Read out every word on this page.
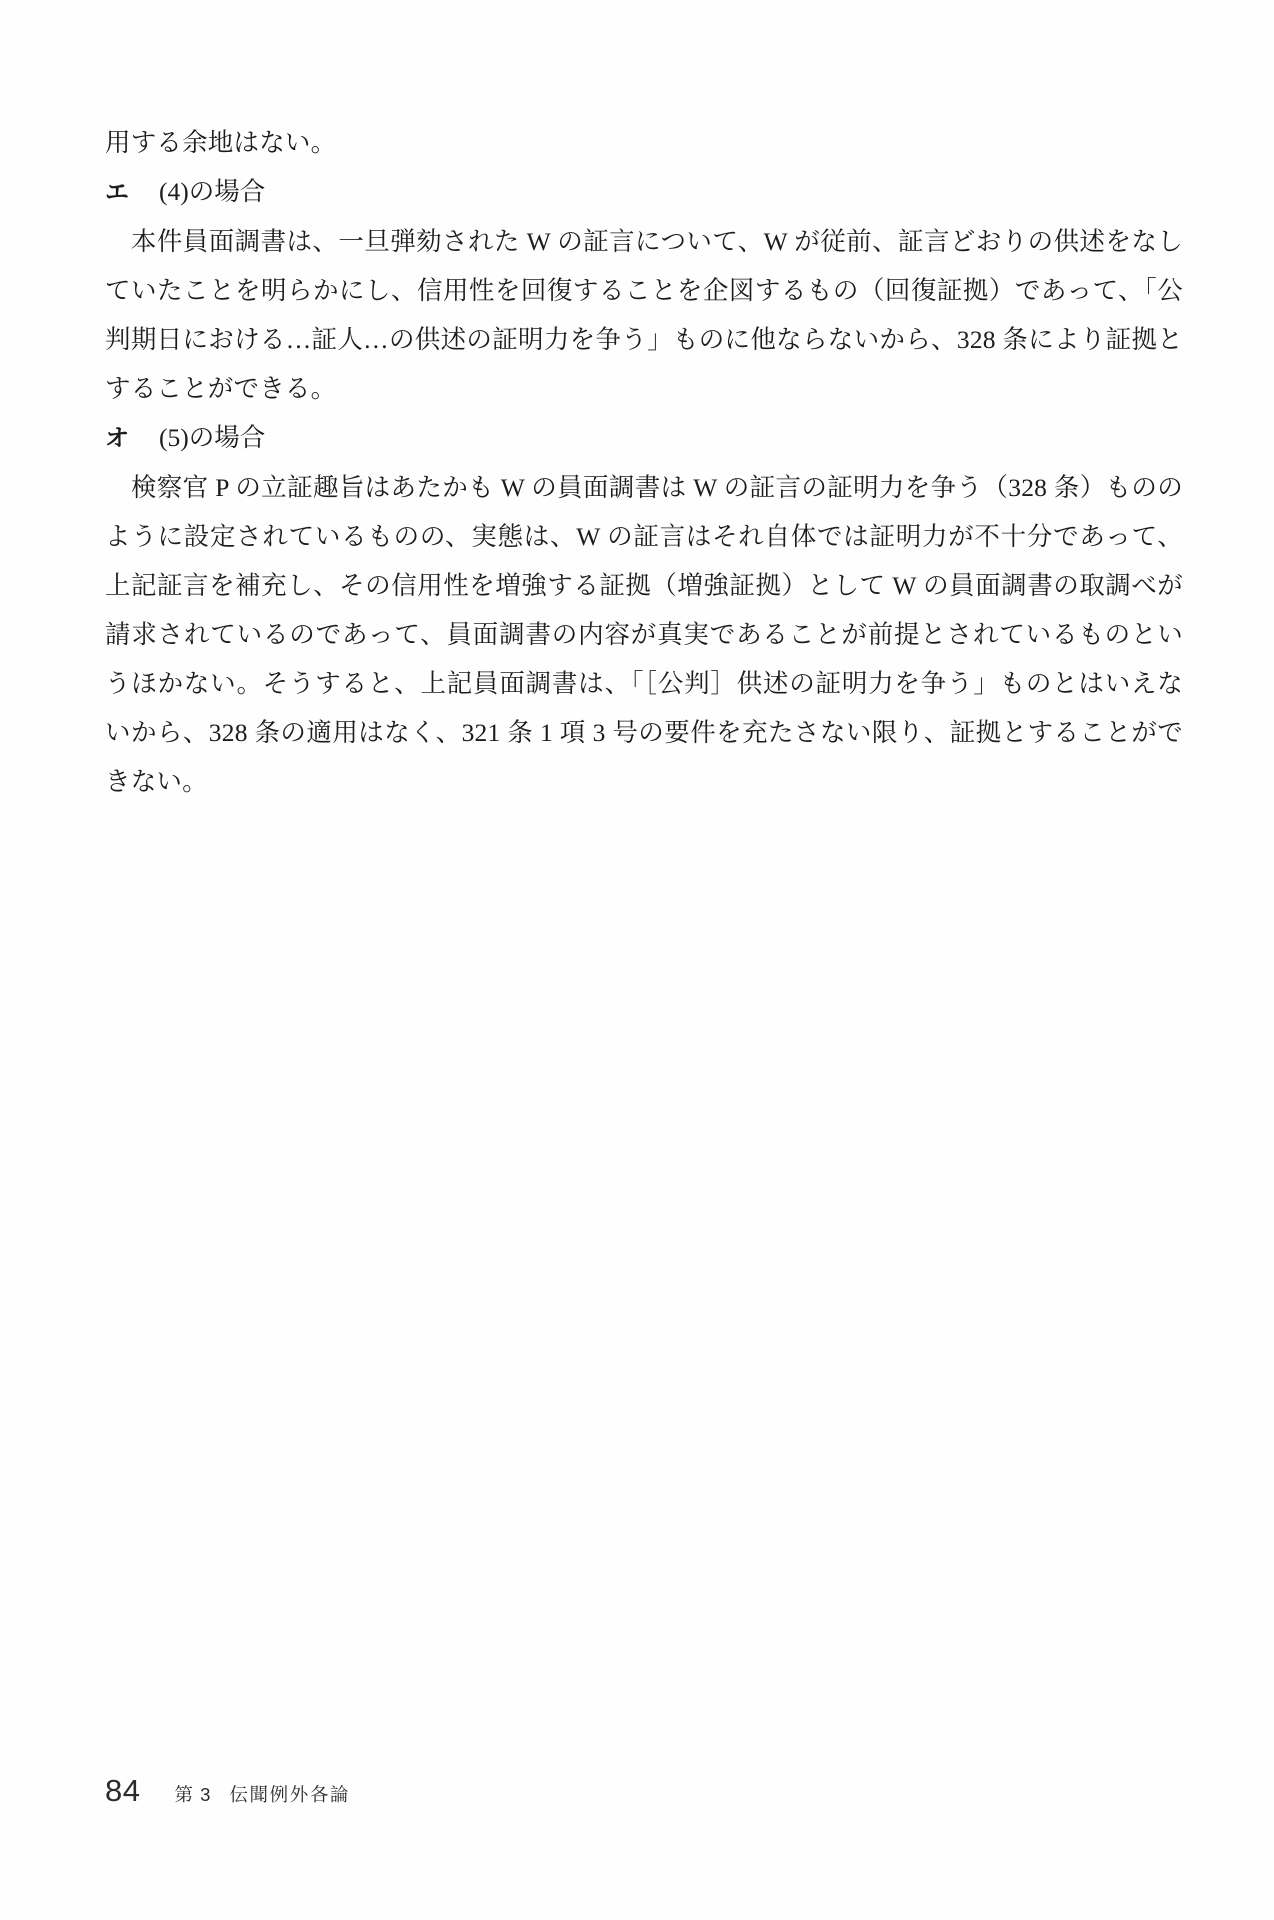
用する余地はない。

エ	(4)の場合

　本件員面調書は、一旦弾劾された W の証言について、W が従前、証言どおりの供述をなしていたことを明らかにし、信用性を回復することを企図するもの（回復証拠）であって、「公判期日における…証人…の供述の証明力を争う」ものに他ならないから、328 条により証拠とすることができる。

オ	(5)の場合

　検察官 P の立証趣旨はあたかも W の員面調書は W の証言の証明力を争う（328 条）もののように設定されているものの、実態は、W の証言はそれ自体では証明力が不十分であって、上記証言を補充し、その信用性を増強する証拠（増強証拠）として W の員面調書の取調べが請求されているのであって、員面調書の内容が真実であることが前提とされているものというほかない。そうすると、上記員面調書は、「［公判］供述の証明力を争う」ものとはいえないから、328 条の適用はなく、321 条 1 項 3 号の要件を充たさない限り、証拠とすることができない。

84 第 3 伝聞例外各論
